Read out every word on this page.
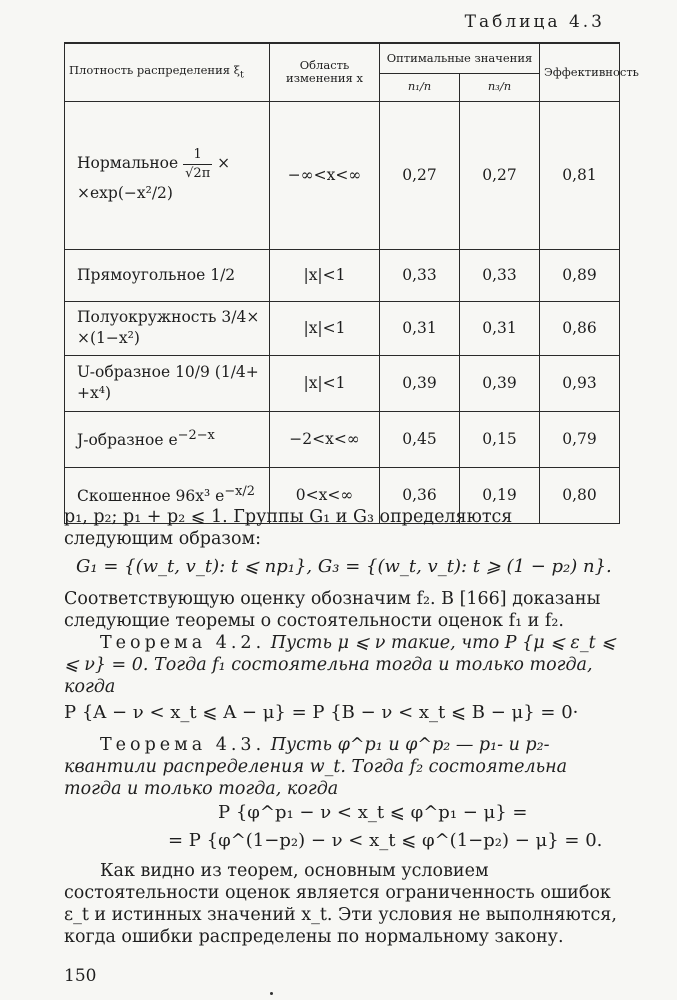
Таблица 4.3
Плотность распределения $\xi_t$	Область изменения x	Оптимальные значения		Эффективность
		n₁/n	n₃/n	
Нормальное $\frac{1}{√2\pi}$ ×
×exp(−x²/2)	−∞<x<∞	0,27	0,27	0,81
Прямоугольное 1/2	|x|<1	0,33	0,33	0,89
Полуокружность 3/4×
×(1−x²)	|x|<1	0,31	0,31	0,86
U-образное 10/9 (1/4+
+x⁴)	|x|<1	0,39	0,39	0,93
J-образное $e^{-2-x}$	−2<x<∞	0,45	0,15	0,79
Скошенное 96x³ $e^{-x/2}$	0<x<∞	0,36	0,19	0,80

p₁, p₂; p₁ + p₂ ⩽ 1. Группы G₁ и G₃ определяются следующим образом:

G₁ = {(w_t, v_t): t ⩽ np₁}, G₃ = {(w_t, v_t): t ⩾ (1 − p₂) n}.

Соответствующую оценку обозначим f₂. В [166] доказаны следующие теоремы о состоятельности оценок f₁ и f₂.

Теорема 4.2. Пусть μ ⩽ ν такие, что P {μ ⩽ ε_t ⩽ ⩽ ν} = 0. Тогда f₁ состоятельна тогда и только тогда, когда

P {A − ν < x_t ⩽ A − μ} = P {B − ν < x_t ⩽ B − μ} = 0·

Теорема 4.3. Пусть φ^p₁ и φ^p₂ — p₁- и p₂-квантили распределения w_t. Тогда f₂ состоятельна тогда и только тогда, когда

P {φ^p₁ − ν < x_t ⩽ φ^p₁ − μ} =
= P {φ^(1−p₂) − ν < x_t ⩽ φ^(1−p₂) − μ} = 0.

Как видно из теорем, основным условием состоятельности оценок является ограниченность ошибок ε_t и истинных значений x_t. Эти условия не выполняются, когда ошибки распределены по нормальному закону.

150
